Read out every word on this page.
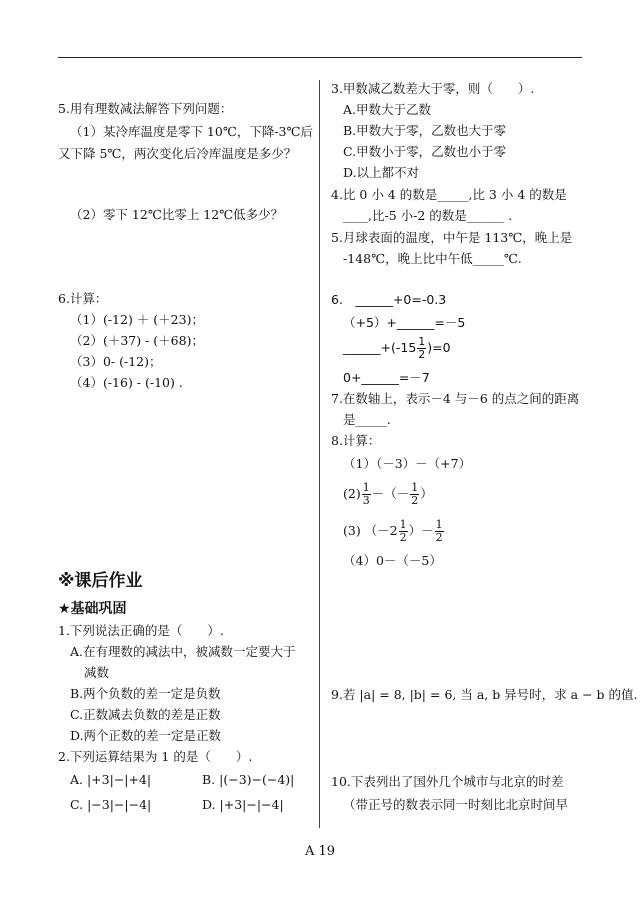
5.用有理数减法解答下列问题：
（1）某冷库温度是零下 10℃，下降-3℃后
又下降 5℃，两次变化后冷库温度是多少？
（2）零下 12℃比零上 12℃低多少？
6.计算：
（1）(-12) ＋ (＋23)；
（2）(＋37) - (＋68)；
（3）0- (-12)；
（4）(-16) - (-10) .
※课后作业
★基础巩固
1.下列说法正确的是（　　）.
A.在有理数的减法中，被减数一定要大于
减数
B.两个负数的差一定是负数
C.正数减去负数的差是正数
D.两个正数的差一定是正数
2.下列运算结果为 1 的是（　　）.
A. |+3|−|+4|	B. |(−3)−(−4)|
C. |−3|−|−4|	D. |+3|−|−4|
3.甲数减乙数差大于零，则（　　）.
A.甲数大于乙数
B.甲数大于零，乙数也大于零
C.甲数小于零，乙数也小于零
D.以上都不对
4.比 0 小 4 的数是_____,比 3 小 4 的数是
____,比-5 小-2 的数是______ .
5.月球表面的温度，中午是 113℃，晚上是
-148℃，晚上比中午低_____℃.
6.　______+0=-0.3
（+5）+______=－5
______+(-15 $\frac{1}{2} )=0$
0+______=－7
7.在数轴上，表示－4 与－6 的点之间的距离
是_____.
8.计算：
（1）（－3）－（+7）
$(2) \frac{1}{3}$ －（－ $\frac{1}{2}$ ）
(3) （$-2 \frac{1}{2}$ ）－ $\frac{1}{2}$
（4）0－（－5）
9.若 |a| = 8, |b| = 6, 当 a, b 异号时，求 a − b 的值.
10.下表列出了国外几个城市与北京的时差
（带正号的数表示同一时刻比北京时间早
A 19
